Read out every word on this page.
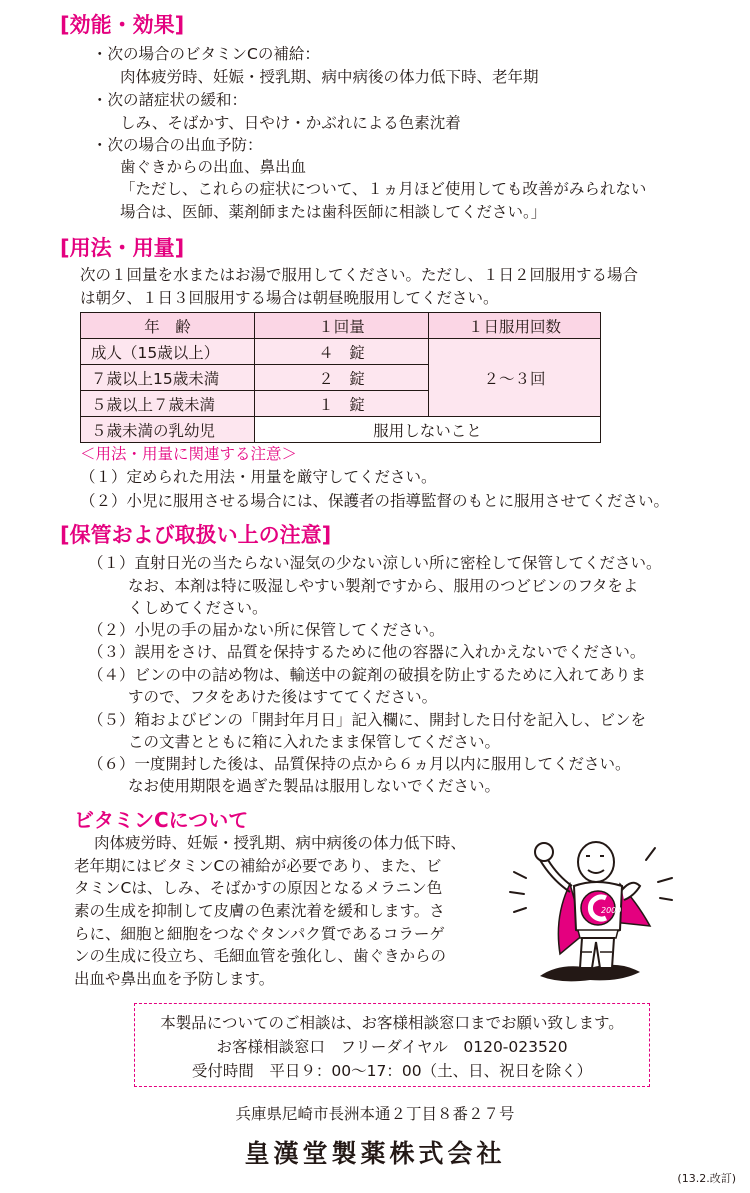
[効能・効果]

・次の場合のビタミンCの補給：

肉体疲労時、妊娠・授乳期、病中病後の体力低下時、老年期

・次の諸症状の緩和：

しみ、そばかす、日やけ・かぶれによる色素沈着

・次の場合の出血予防：

歯ぐきからの出血、鼻出血

「ただし、これらの症状について、１ヵ月ほど使用しても改善がみられない

場合は、医師、薬剤師または歯科医師に相談してください。」

[用法・用量]

次の１回量を水またはお湯で服用してください。ただし、１日２回服用する場合

は朝夕、１日３回服用する場合は朝昼晩服用してください。

年　齢	１回量	１日服用回数
成人（15歳以上）	４　錠	２～３回
７歳以上15歳未満	２　錠	
５歳以上７歳未満	１　錠	
５歳未満の乳幼児	服用しないこと	

＜用法・用量に関連する注意＞

（１）定められた用法・用量を厳守してください。

（２）小児に服用させる場合には、保護者の指導監督のもとに服用させてください。

[保管および取扱い上の注意]

（１）直射日光の当たらない湿気の少ない涼しい所に密栓して保管してください。

なお、本剤は特に吸湿しやすい製剤ですから、服用のつどビンのフタをよ

くしめてください。

（２）小児の手の届かない所に保管してください。

（３）誤用をさけ、品質を保持するために他の容器に入れかえないでください。

（４）ビンの中の詰め物は、輸送中の錠剤の破損を防止するために入れてありま

すので、フタをあけた後はすててください。

（５）箱およびビンの「開封年月日」記入欄に、開封した日付を記入し、ビンを

この文書とともに箱に入れたまま保管してください。

（６）一度開封した後は、品質保持の点から６ヵ月以内に服用してください。

なお使用期限を過ぎた製品は服用しないでください。

ビタミンCについて

肉体疲労時、妊娠・授乳期、病中病後の体力低下時、

老年期にはビタミンCの補給が必要であり、また、ビ

タミンCは、しみ、そばかすの原因となるメラニン色

素の生成を抑制して皮膚の色素沈着を緩和します。さ

らに、細胞と細胞をつなぐタンパク質であるコラーゲ

ンの生成に役立ち、毛細血管を強化し、歯ぐきからの

出血や鼻出血を予防します。

2000

本製品についてのご相談は、お客様相談窓口までお願い致します。

お客様相談窓口　フリーダイヤル　0120-023520

受付時間　平日９：00～17：00（土、日、祝日を除く）

兵庫県尼崎市長洲本通２丁目８番２７号

皇漢堂製薬株式会社

(13.2.改訂)
